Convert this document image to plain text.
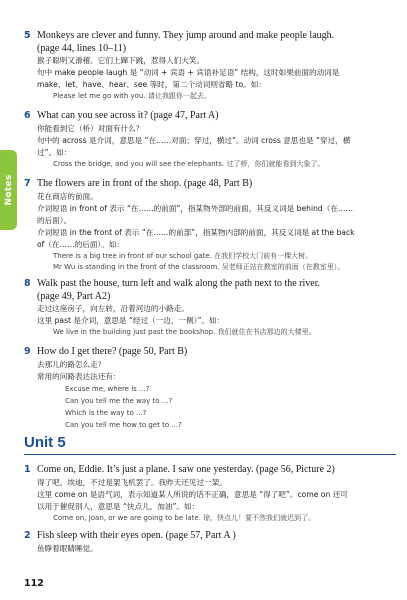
Notes
5 Monkeys are clever and funny. They jump around and make people laugh.
(page 44, lines 10–11)
猴子聪明又滑稽。它们上蹿下跳，惹得人们大笑。
句中 make people laugh 是 “动词 + 宾语 + 宾语补足语” 结构，这时如果前面的动词是
make、let、have、hear、see 等时，第二个动词则省略 to。如：
Please let me go with you. 请让我跟你一起去。
6 What can you see across it? (page 47, Part A)
你能看到它（桥）对面有什么？
句中的 across 是介词，意思是 “在……对面；穿过，横过”。动词 cross 意思也是 “穿过，横
过”。如：
Cross the bridge, and you will see the elephants. 过了桥，你们就能看到大象了。
7 The flowers are in front of the shop. (page 48, Part B)
花在商店的前面。
介词短语 in front of 表示 “在……的前面”，指某物外部的前面，其反义词是 behind（在……
的后面）。
介词短语 in the front of 表示 “在……的前部”，指某物内部的前面，其反义词是 at the back
of（在……的后面）。如：
There is a big tree in front of our school gate. 在我们学校大门前有一棵大树。
Mr Wu is standing in the front of the classroom. 吴老师正站在教室的前面（在教室里）。
8 Walk past the house, turn left and walk along the path next to the river.
(page 49, Part A2)
走过这座房子，向左转，沿着河边的小路走。
这里 past 是介词，意思是 “经过（一边，一侧）”。如：
We live in the building just past the bookshop. 我们就住在书店那边的大楼里。
9 How do I get there? (page 50, Part B)
去那儿的路怎么走？
常用的问路表达法还有：
Excuse me, where is ...?
Can you tell me the way to ...?
Which is the way to ...?
Can you tell me how to get to ...?
Unit 5
1 Come on, Eddie. It’s just a plane. I saw one yesterday. (page 56, Picture 2)
得了吧，埃迪，不过是架飞机罢了。我昨天还见过一架。
这里 come on 是语气词，表示知道某人所说的话不正确，意思是 “得了吧”。come on 还可
以用于催促别人，意思是 “快点儿，加油”。如：
Come on, Joan, or we are going to be late. 琼，快点儿！要不然我们就迟到了。
2 Fish sleep with their eyes open. (page 57, Part A )
鱼睁着眼睛睡觉。
112
